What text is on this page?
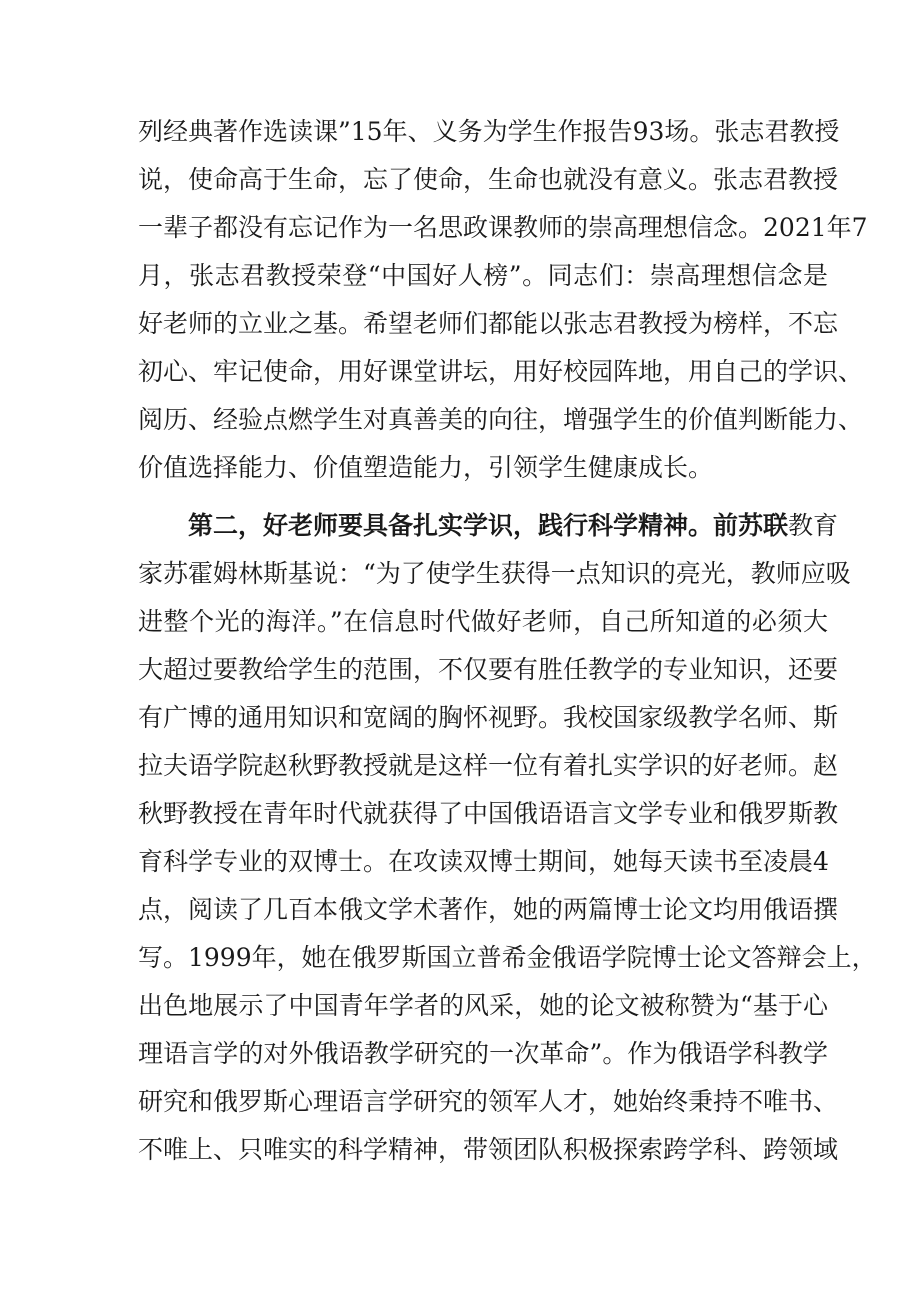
列经典著作选读课”15年、义务为学生作报告93场。张志君教授
说，使命高于生命，忘了使命，生命也就没有意义。张志君教授
一辈子都没有忘记作为一名思政课教师的崇高理想信念。2021年7
月，张志君教授荣登“中国好人榜”。同志们：崇高理想信念是
好老师的立业之基。希望老师们都能以张志君教授为榜样，不忘
初心、牢记使命，用好课堂讲坛，用好校园阵地，用自己的学识、
阅历、经验点燃学生对真善美的向往，增强学生的价值判断能力、
价值选择能力、价值塑造能力，引领学生健康成长。
第二，好老师要具备扎实学识，践行科学精神。前苏联教育
家苏霍姆林斯基说：“为了使学生获得一点知识的亮光，教师应吸
进整个光的海洋。”在信息时代做好老师，自己所知道的必须大
大超过要教给学生的范围，不仅要有胜任教学的专业知识，还要
有广博的通用知识和宽阔的胸怀视野。我校国家级教学名师、斯
拉夫语学院赵秋野教授就是这样一位有着扎实学识的好老师。赵
秋野教授在青年时代就获得了中国俄语语言文学专业和俄罗斯教
育科学专业的双博士。在攻读双博士期间，她每天读书至凌晨4
点，阅读了几百本俄文学术著作，她的两篇博士论文均用俄语撰
写。1999年，她在俄罗斯国立普希金俄语学院博士论文答辩会上，
出色地展示了中国青年学者的风采，她的论文被称赞为“基于心
理语言学的对外俄语教学研究的一次革命”。作为俄语学科教学
研究和俄罗斯心理语言学研究的领军人才，她始终秉持不唯书、
不唯上、只唯实的科学精神，带领团队积极探索跨学科、跨领域
